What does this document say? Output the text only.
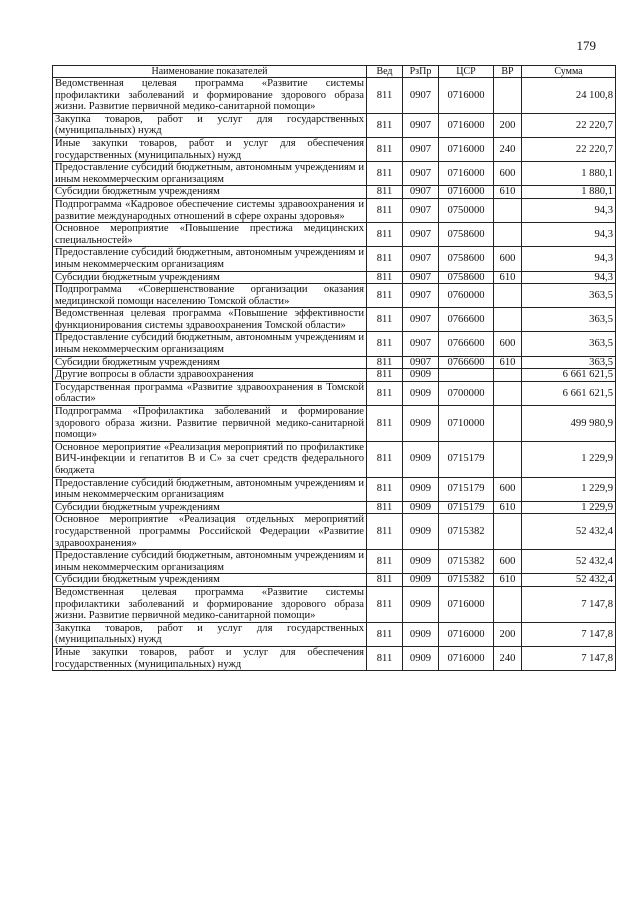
179
Наименование показателей	Вед	РзПр	ЦСР	ВР	Сумма
Ведомственная целевая программа «Развитие системы профилактики заболеваний и формирование здорового образа жизни. Развитие первичной медико-санитарной помощи»	811	0907	0716000		24 100,8
Закупка товаров, работ и услуг для государственных (муниципальных) нужд	811	0907	0716000	200	22 220,7
Иные закупки товаров, работ и услуг для обеспечения государственных (муниципальных) нужд	811	0907	0716000	240	22 220,7
Предоставление субсидий бюджетным, автономным учреждениям и иным некоммерческим организациям	811	0907	0716000	600	1 880,1
Субсидии бюджетным учреждениям	811	0907	0716000	610	1 880,1
Подпрограмма «Кадровое обеспечение системы здравоохранения и развитие международных отношений в сфере охраны здоровья»	811	0907	0750000		94,3
Основное мероприятие «Повышение престижа медицинских специальностей»	811	0907	0758600		94,3
Предоставление субсидий бюджетным, автономным учреждениям и иным некоммерческим организациям	811	0907	0758600	600	94,3
Субсидии бюджетным учреждениям	811	0907	0758600	610	94,3
Подпрограмма «Совершенствование организации оказания медицинской помощи населению Томской области»	811	0907	0760000		363,5
Ведомственная целевая программа «Повышение эффективности функционирования системы здравоохранения Томской области»	811	0907	0766600		363,5
Предоставление субсидий бюджетным, автономным учреждениям и иным некоммерческим организациям	811	0907	0766600	600	363,5
Субсидии бюджетным учреждениям	811	0907	0766600	610	363,5
Другие вопросы в области здравоохранения	811	0909			6 661 621,5
Государственная программа «Развитие здравоохранения в Томской области»	811	0909	0700000		6 661 621,5
Подпрограмма «Профилактика заболеваний и формирование здорового образа жизни. Развитие первичной медико-санитарной помощи»	811	0909	0710000		499 980,9
Основное мероприятие «Реализация мероприятий по профилактике ВИЧ-инфекции и гепатитов В и С» за счет средств федерального бюджета	811	0909	0715179		1 229,9
Предоставление субсидий бюджетным, автономным учреждениям и иным некоммерческим организациям	811	0909	0715179	600	1 229,9
Субсидии бюджетным учреждениям	811	0909	0715179	610	1 229,9
Основное мероприятие «Реализация отдельных мероприятий государственной программы Российской Федерации «Развитие здравоохранения»	811	0909	0715382		52 432,4
Предоставление субсидий бюджетным, автономным учреждениям и иным некоммерческим организациям	811	0909	0715382	600	52 432,4
Субсидии бюджетным учреждениям	811	0909	0715382	610	52 432,4
Ведомственная целевая программа «Развитие системы профилактики заболеваний и формирование здорового образа жизни. Развитие первичной медико-санитарной помощи»	811	0909	0716000		7 147,8
Закупка товаров, работ и услуг для государственных (муниципальных) нужд	811	0909	0716000	200	7 147,8
Иные закупки товаров, работ и услуг для обеспечения государственных (муниципальных) нужд	811	0909	0716000	240	7 147,8
